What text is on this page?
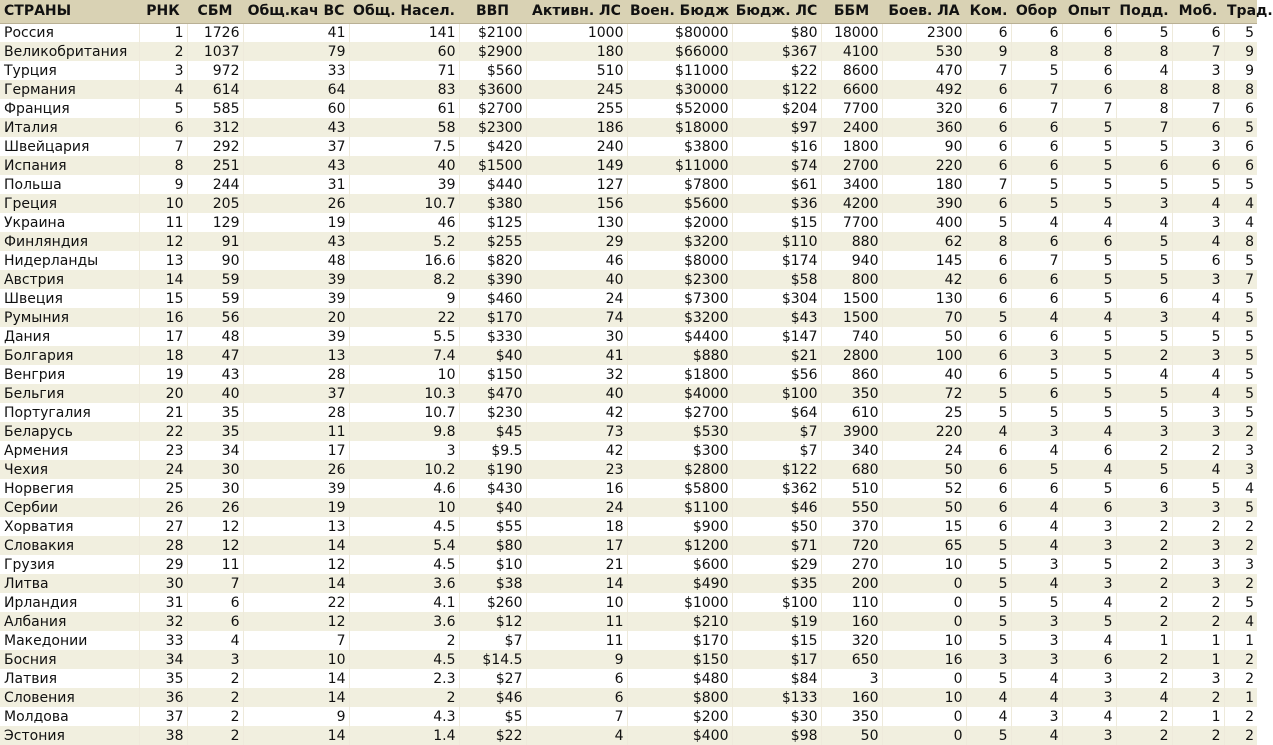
СТРАНЫ	РНК	СБМ	Общ.кач ВС	Общ. Насел.	ВВП	Активн. ЛС	Воен. Бюдж	Бюдж. ЛС	ББМ	Боев. ЛА	Ком.	Обор	Опыт	Подд.	Моб.	Трад.
Россия	1	1726	41	141	$2100	1000	$80000	$80	18000	2300	6	6	6	5	6	5
Великобритания	2	1037	79	60	$2900	180	$66000	$367	4100	530	9	8	8	8	7	9
Турция	3	972	33	71	$560	510	$11000	$22	8600	470	7	5	6	4	3	9
Германия	4	614	64	83	$3600	245	$30000	$122	6600	492	6	7	6	8	8	8
Франция	5	585	60	61	$2700	255	$52000	$204	7700	320	6	7	7	8	7	6
Италия	6	312	43	58	$2300	186	$18000	$97	2400	360	6	6	5	7	6	5
Швейцария	7	292	37	7.5	$420	240	$3800	$16	1800	90	6	6	5	5	3	6
Испания	8	251	43	40	$1500	149	$11000	$74	2700	220	6	6	5	6	6	6
Польша	9	244	31	39	$440	127	$7800	$61	3400	180	7	5	5	5	5	5
Греция	10	205	26	10.7	$380	156	$5600	$36	4200	390	6	5	5	3	4	4
Украина	11	129	19	46	$125	130	$2000	$15	7700	400	5	4	4	4	3	4
Финляндия	12	91	43	5.2	$255	29	$3200	$110	880	62	8	6	6	5	4	8
Нидерланды	13	90	48	16.6	$820	46	$8000	$174	940	145	6	7	5	5	6	5
Австрия	14	59	39	8.2	$390	40	$2300	$58	800	42	6	6	5	5	3	7
Швеция	15	59	39	9	$460	24	$7300	$304	1500	130	6	6	5	6	4	5
Румыния	16	56	20	22	$170	74	$3200	$43	1500	70	5	4	4	3	4	5
Дания	17	48	39	5.5	$330	30	$4400	$147	740	50	6	6	5	5	5	5
Болгария	18	47	13	7.4	$40	41	$880	$21	2800	100	6	3	5	2	3	5
Венгрия	19	43	28	10	$150	32	$1800	$56	860	40	6	5	5	4	4	5
Бельгия	20	40	37	10.3	$470	40	$4000	$100	350	72	5	6	5	5	4	5
Португалия	21	35	28	10.7	$230	42	$2700	$64	610	25	5	5	5	5	3	5
Беларусь	22	35	11	9.8	$45	73	$530	$7	3900	220	4	3	4	3	3	2
Армения	23	34	17	3	$9.5	42	$300	$7	340	24	6	4	6	2	2	3
Чехия	24	30	26	10.2	$190	23	$2800	$122	680	50	6	5	4	5	4	3
Норвегия	25	30	39	4.6	$430	16	$5800	$362	510	52	6	6	5	6	5	4
Сербии	26	26	19	10	$40	24	$1100	$46	550	50	6	4	6	3	3	5
Хорватия	27	12	13	4.5	$55	18	$900	$50	370	15	6	4	3	2	2	2
Словакия	28	12	14	5.4	$80	17	$1200	$71	720	65	5	4	3	2	3	2
Грузия	29	11	12	4.5	$10	21	$600	$29	270	10	5	3	5	2	3	3
Литва	30	7	14	3.6	$38	14	$490	$35	200	0	5	4	3	2	3	2
Ирландия	31	6	22	4.1	$260	10	$1000	$100	110	0	5	5	4	2	2	5
Албания	32	6	12	3.6	$12	11	$210	$19	160	0	5	3	5	2	2	4
Македонии	33	4	7	2	$7	11	$170	$15	320	10	5	3	4	1	1	1
Босния	34	3	10	4.5	$14.5	9	$150	$17	650	16	3	3	6	2	1	2
Латвия	35	2	14	2.3	$27	6	$480	$84	3	0	5	4	3	2	3	2
Словения	36	2	14	2	$46	6	$800	$133	160	10	4	4	3	4	2	1
Молдова	37	2	9	4.3	$5	7	$200	$30	350	0	4	3	4	2	1	2
Эстония	38	2	14	1.4	$22	4	$400	$98	50	0	5	4	3	2	2	2
